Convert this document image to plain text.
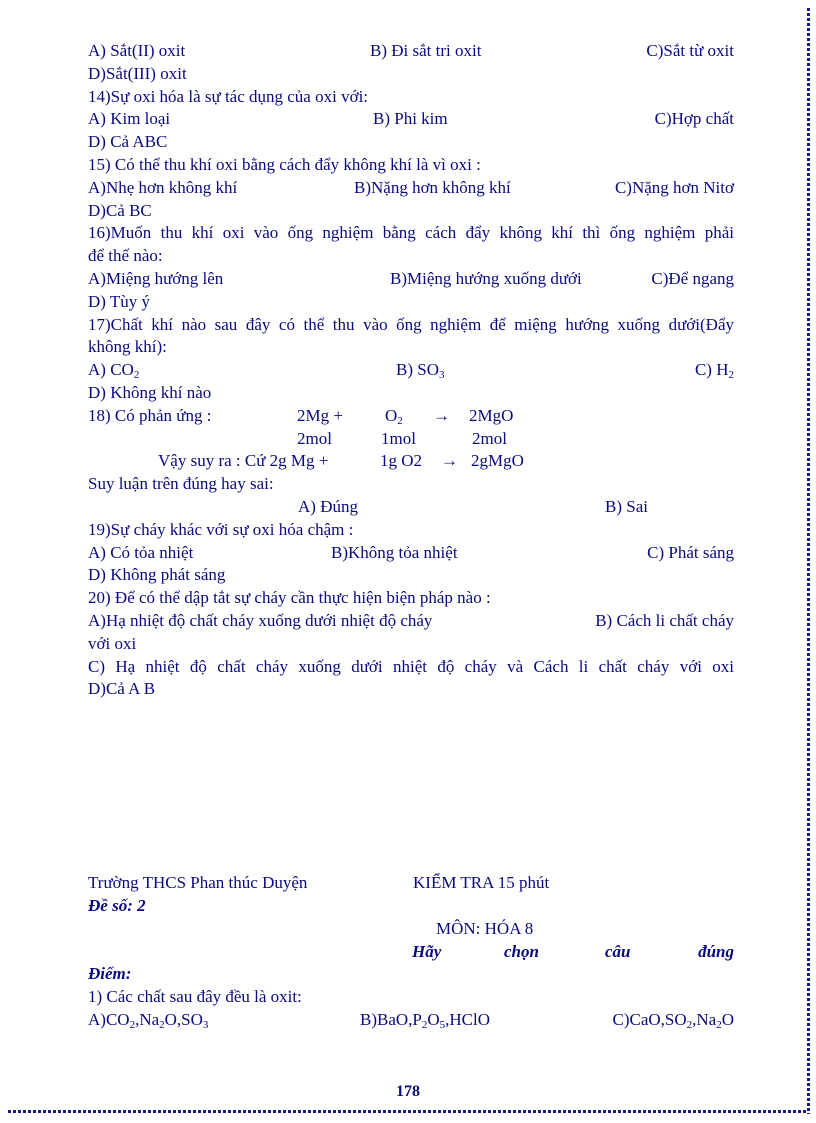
A) Sắt(II) oxit	B) Đi sắt tri oxit	C)Sắt từ oxit
D)Sắt(III) oxit
14)Sự oxi hóa là sự tác dụng của oxi với:
A) Kim loại	B) Phi kim	C)Hợp chất
D) Cả ABC
15) Có thể thu khí oxi bằng cách đẩy không khí là vì oxi :
A)Nhẹ hơn không khí	B)Nặng hơn không khí	C)Nặng hơn Nitơ
D)Cả BC
16)Muốn thu khí oxi vào ống nghiệm bằng cách đẩy không khí thì ống nghiệm phải
để thế nào:
A)Miệng hướng lên	B)Miệng hướng xuống dưới	C)Để ngang
D) Tùy ý
17)Chất khí nào sau đây có thể thu vào ống nghiệm để miệng hướng xuống dưới(Đẩy
không khí):
A) $CO_2$	B) $SO_3$	C) $H_2$
D) Không khí nào
18) Có phản ứng :	$2Mg + O_2 \to 2MgO$
2mol	1mol	2mol
Vậy suy ra : Cứ 2g Mg +	1g O2 → 2gMgO
Suy luận trên đúng hay sai:
A) Đúng	B) Sai
19)Sự cháy khác với sự oxi hóa chậm :
A) Có tỏa nhiệt	B)Không tỏa nhiệt	C) Phát sáng
D) Không phát sáng
20) Để có thể dập tắt sự cháy cần thực hiện biện pháp nào :
A)Hạ nhiệt độ chất cháy xuống dưới nhiệt độ cháy	B) Cách li chất cháy
với oxi
C) Hạ nhiệt độ chất cháy xuống dưới nhiệt độ cháy và Cách li chất cháy với oxi
D)Cả A B
Trường THCS Phan thúc Duyện	KIỂM TRA 15 phút
Đề số: 2
MÔN: HÓA 8
Hãy	chọn	câu	đúng
Điểm:
1) Các chất sau đây đều là oxit:
$A)CO_2,Na_2O,SO_3$	$B)BaO,P_2O_5,HClO$	$C)CaO,SO_2,Na_2O$
178
